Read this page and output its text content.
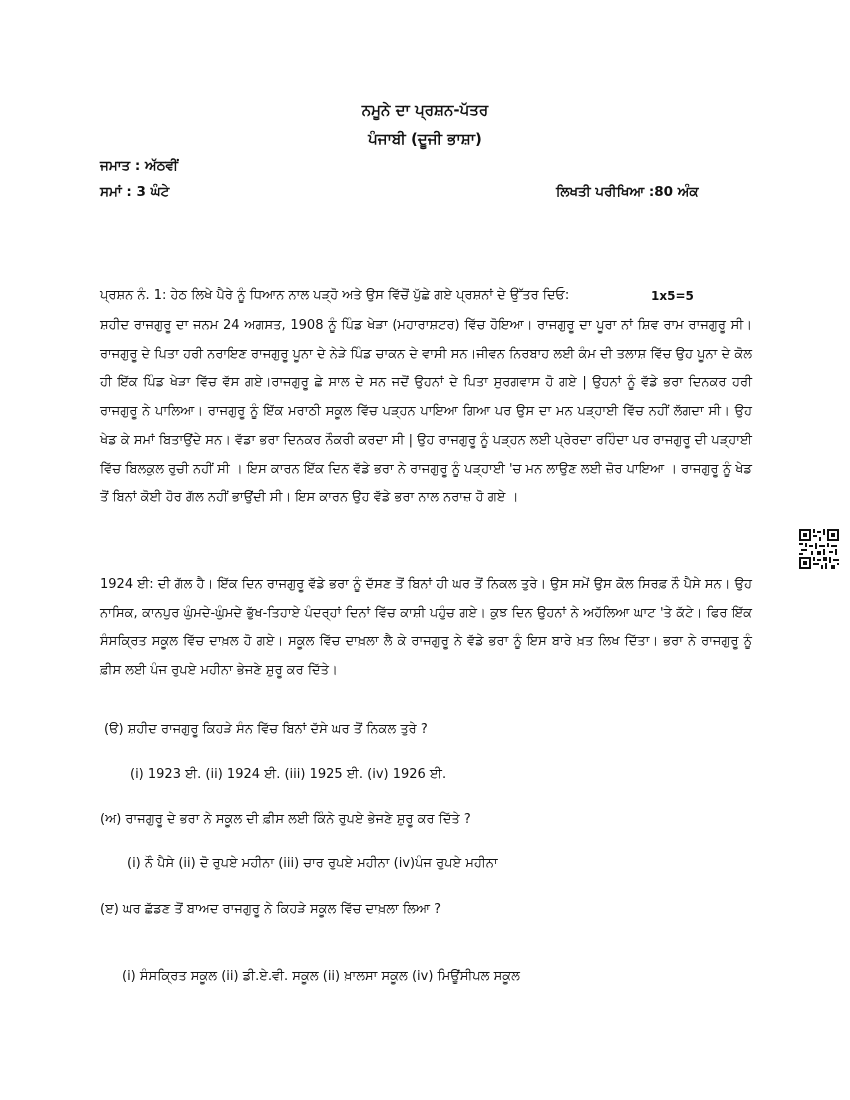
ਨਮੂਨੇ ਦਾ ਪ੍ਰਸ਼ਨ-ਪੱਤਰ
ਪੰਜਾਬੀ (ਦੂਜੀ ਭਾਸ਼ਾ)
ਜਮਾਤ : ਅੱਠਵੀਂ
ਸਮਾਂ : 3 ਘੰਟੇ	ਲਿਖਤੀ ਪਰੀਖਿਆ :80 ਅੰਕ
ਪ੍ਰਸ਼ਨ ਨੰ. 1: ਹੇਠ ਲਿਖੇ ਪੈਰੇ ਨੂੰ ਧਿਆਨ ਨਾਲ ਪੜ੍ਹੋ ਅਤੇ ਉਸ ਵਿੱਚੋਂ ਪੁੱਛੇ ਗਏ ਪ੍ਰਸ਼ਨਾਂ ਦੇ ਉੱਤਰ ਦਿਓ:	1x5=5

ਸ਼ਹੀਦ ਰਾਜਗੁਰੂ ਦਾ ਜਨਮ 24 ਅਗਸਤ, 1908 ਨੂੰ ਪਿੰਡ ਖੇੜਾ (ਮਹਾਰਾਸ਼ਟਰ) ਵਿੱਚ ਹੋਇਆ। ਰਾਜਗੁਰੂ ਦਾ ਪੂਰਾ ਨਾਂ ਸ਼ਿਵ ਰਾਮ ਰਾਜਗੁਰੂ ਸੀ। ਰਾਜਗੁਰੂ ਦੇ ਪਿਤਾ ਹਰੀ ਨਰਾਇਣ ਰਾਜਗੁਰੂ ਪੂਨਾ ਦੇ ਨੇੜੇ ਪਿੰਡ ਚਾਕਨ ਦੇ ਵਾਸੀ ਸਨ।ਜੀਵਨ ਨਿਰਬਾਹ ਲਈ ਕੰਮ ਦੀ ਤਲਾਸ਼ ਵਿੱਚ ਉਹ ਪੂਨਾ ਦੇ ਕੋਲ ਹੀ ਇੱਕ ਪਿੰਡ ਖੇੜਾ ਵਿੱਚ ਵੱਸ ਗਏ।ਰਾਜਗੁਰੂ ਛੇ ਸਾਲ ਦੇ ਸਨ ਜਦੋਂ ਉਹਨਾਂ ਦੇ ਪਿਤਾ ਸੁਰਗਵਾਸ ਹੋ ਗਏ | ਉਹਨਾਂ ਨੂੰ ਵੱਡੇ ਭਰਾ ਦਿਨਕਰ ਹਰੀ ਰਾਜਗੁਰੂ ਨੇ ਪਾਲਿਆ। ਰਾਜਗੁਰੂ ਨੂੰ ਇੱਕ ਮਰਾਠੀ ਸਕੂਲ ਵਿੱਚ ਪੜ੍ਹਨ ਪਾਇਆ ਗਿਆ ਪਰ ਉਸ ਦਾ ਮਨ ਪੜ੍ਹਾਈ ਵਿੱਚ ਨਹੀਂ ਲੱਗਦਾ ਸੀ। ਉਹ ਖੇਡ ਕੇ ਸਮਾਂ ਬਿਤਾਉਂਦੇ ਸਨ। ਵੱਡਾ ਭਰਾ ਦਿਨਕਰ ਨੌਕਰੀ ਕਰਦਾ ਸੀ | ਉਹ ਰਾਜਗੁਰੂ ਨੂੰ ਪੜ੍ਹਨ ਲਈ ਪ੍ਰੇਰਦਾ ਰਹਿੰਦਾ ਪਰ ਰਾਜਗੁਰੂ ਦੀ ਪੜ੍ਹਾਈ ਵਿੱਚ ਬਿਲਕੁਲ ਰੁਚੀ ਨਹੀਂ ਸੀ । ਇਸ ਕਾਰਨ ਇੱਕ ਦਿਨ ਵੱਡੇ ਭਰਾ ਨੇ ਰਾਜਗੁਰੂ ਨੂੰ ਪੜ੍ਹਾਈ 'ਚ ਮਨ ਲਾਉਣ ਲਈ ਜ਼ੋਰ ਪਾਇਆ । ਰਾਜਗੁਰੂ ਨੂੰ ਖੇਡ ਤੋਂ ਬਿਨਾਂ ਕੋਈ ਹੋਰ ਗੱਲ ਨਹੀਂ ਭਾਉਂਦੀ ਸੀ। ਇਸ ਕਾਰਨ ਉਹ ਵੱਡੇ ਭਰਾ ਨਾਲ ਨਰਾਜ਼ ਹੋ ਗਏ ।

1924 ਈ: ਦੀ ਗੱਲ ਹੈ। ਇੱਕ ਦਿਨ ਰਾਜਗੁਰੂ ਵੱਡੇ ਭਰਾ ਨੂੰ ਦੱਸਣ ਤੋਂ ਬਿਨਾਂ ਹੀ ਘਰ ਤੋਂ ਨਿਕਲ ਤੁਰੇ। ਉਸ ਸਮੇਂ ਉਸ ਕੋਲ ਸਿਰਫ਼ ਨੌ ਪੈਸੇ ਸਨ। ਉਹ ਨਾਸਿਕ, ਕਾਨਪੁਰ ਘੁੰਮਦੇ-ਘੁੰਮਦੇ ਭੁੱਖ-ਤਿਹਾਏ ਪੰਦਰ੍ਹਾਂ ਦਿਨਾਂ ਵਿੱਚ ਕਾਸ਼ੀ ਪਹੁੰਚ ਗਏ। ਕੁਝ ਦਿਨ ਉਹਨਾਂ ਨੇ ਅਹੱਲਿਆ ਘਾਟ 'ਤੇ ਕੱਟੇ। ਫਿਰ ਇੱਕ ਸੰਸਕ੍ਰਿਤ ਸਕੂਲ ਵਿੱਚ ਦਾਖ਼ਲ ਹੋ ਗਏ। ਸਕੂਲ ਵਿੱਚ ਦਾਖ਼ਲਾ ਲੈ ਕੇ ਰਾਜਗੁਰੂ ਨੇ ਵੱਡੇ ਭਰਾ ਨੂੰ ਇਸ ਬਾਰੇ ਖ਼ਤ ਲਿਖ ਦਿੱਤਾ। ਭਰਾ ਨੇ ਰਾਜਗੁਰੂ ਨੂੰ ਫ਼ੀਸ ਲਈ ਪੰਜ ਰੁਪਏ ਮਹੀਨਾ ਭੇਜਣੇ ਸ਼ੁਰੂ ਕਰ ਦਿੱਤੇ।

(ੳ) ਸ਼ਹੀਦ ਰਾਜਗੁਰੂ ਕਿਹੜੇ ਸੰਨ ਵਿੱਚ ਬਿਨਾਂ ਦੱਸੇ ਘਰ ਤੋਂ ਨਿਕਲ ਤੁਰੇ ?
(i) 1923 ਈ. (ii) 1924 ਈ. (iii) 1925 ਈ. (iv) 1926 ਈ.
(ਅ) ਰਾਜਗੁਰੂ ਦੇ ਭਰਾ ਨੇ ਸਕੂਲ ਦੀ ਫ਼ੀਸ ਲਈ ਕਿੰਨੇ ਰੁਪਏ ਭੇਜਣੇ ਸ਼ੁਰੂ ਕਰ ਦਿੱਤੇ ?
(i) ਨੌ ਪੈਸੇ (ii) ਦੋ ਰੁਪਏ ਮਹੀਨਾ (iii) ਚਾਰ ਰੁਪਏ ਮਹੀਨਾ (iv)ਪੰਜ ਰੁਪਏ ਮਹੀਨਾ
(ੲ) ਘਰ ਛੱਡਣ ਤੋਂ ਬਾਅਦ ਰਾਜਗੁਰੂ ਨੇ ਕਿਹੜੇ ਸਕੂਲ ਵਿੱਚ ਦਾਖ਼ਲਾ ਲਿਆ ?
(i) ਸੰਸਕ੍ਰਿਤ ਸਕੂਲ (ii) ਡੀ.ਏ.ਵੀ. ਸਕੂਲ (ii) ਖ਼ਾਲਸਾ ਸਕੂਲ (iv) ਮਿਊਂਸੀਪਲ ਸਕੂਲ
